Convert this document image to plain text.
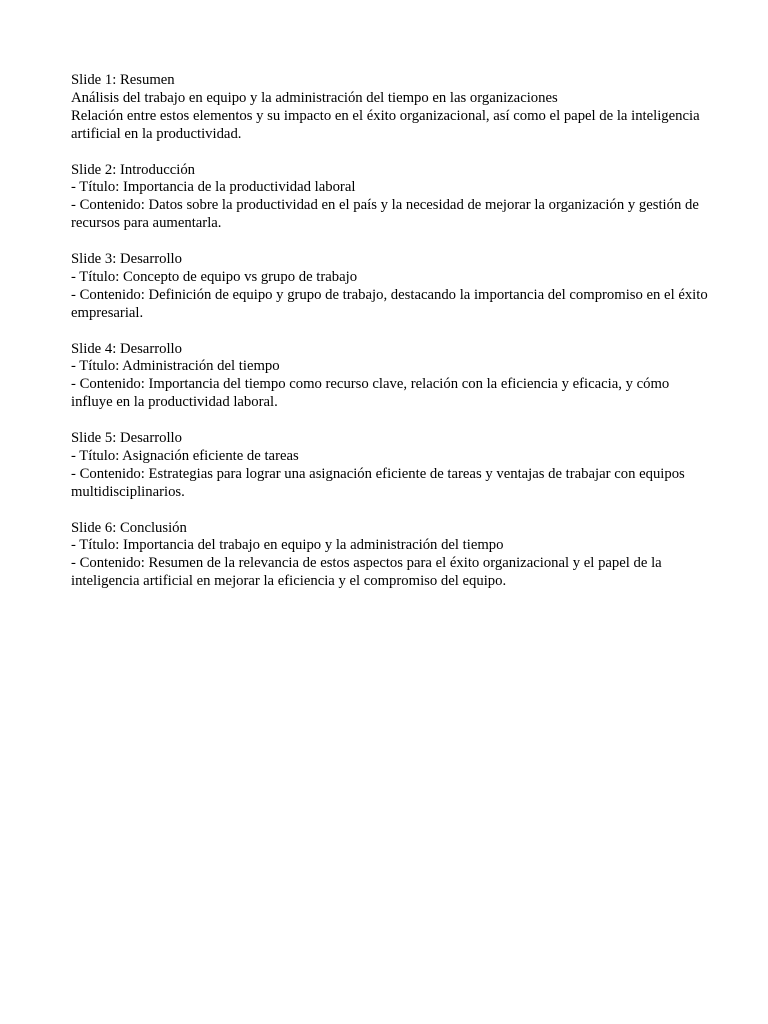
Slide 1: Resumen
Análisis del trabajo en equipo y la administración del tiempo en las organizaciones
Relación entre estos elementos y su impacto en el éxito organizacional, así como el papel de la inteligencia artificial en la productividad.
Slide 2: Introducción
- Título: Importancia de la productividad laboral
- Contenido: Datos sobre la productividad en el país y la necesidad de mejorar la organización y gestión de recursos para aumentarla.
Slide 3: Desarrollo
- Título: Concepto de equipo vs grupo de trabajo
- Contenido: Definición de equipo y grupo de trabajo, destacando la importancia del compromiso en el éxito empresarial.
Slide 4: Desarrollo
- Título: Administración del tiempo
- Contenido: Importancia del tiempo como recurso clave, relación con la eficiencia y eficacia, y cómo influye en la productividad laboral.
Slide 5: Desarrollo
- Título: Asignación eficiente de tareas
- Contenido: Estrategias para lograr una asignación eficiente de tareas y ventajas de trabajar con equipos multidisciplinarios.
Slide 6: Conclusión
- Título: Importancia del trabajo en equipo y la administración del tiempo
- Contenido: Resumen de la relevancia de estos aspectos para el éxito organizacional y el papel de la inteligencia artificial en mejorar la eficiencia y el compromiso del equipo.
